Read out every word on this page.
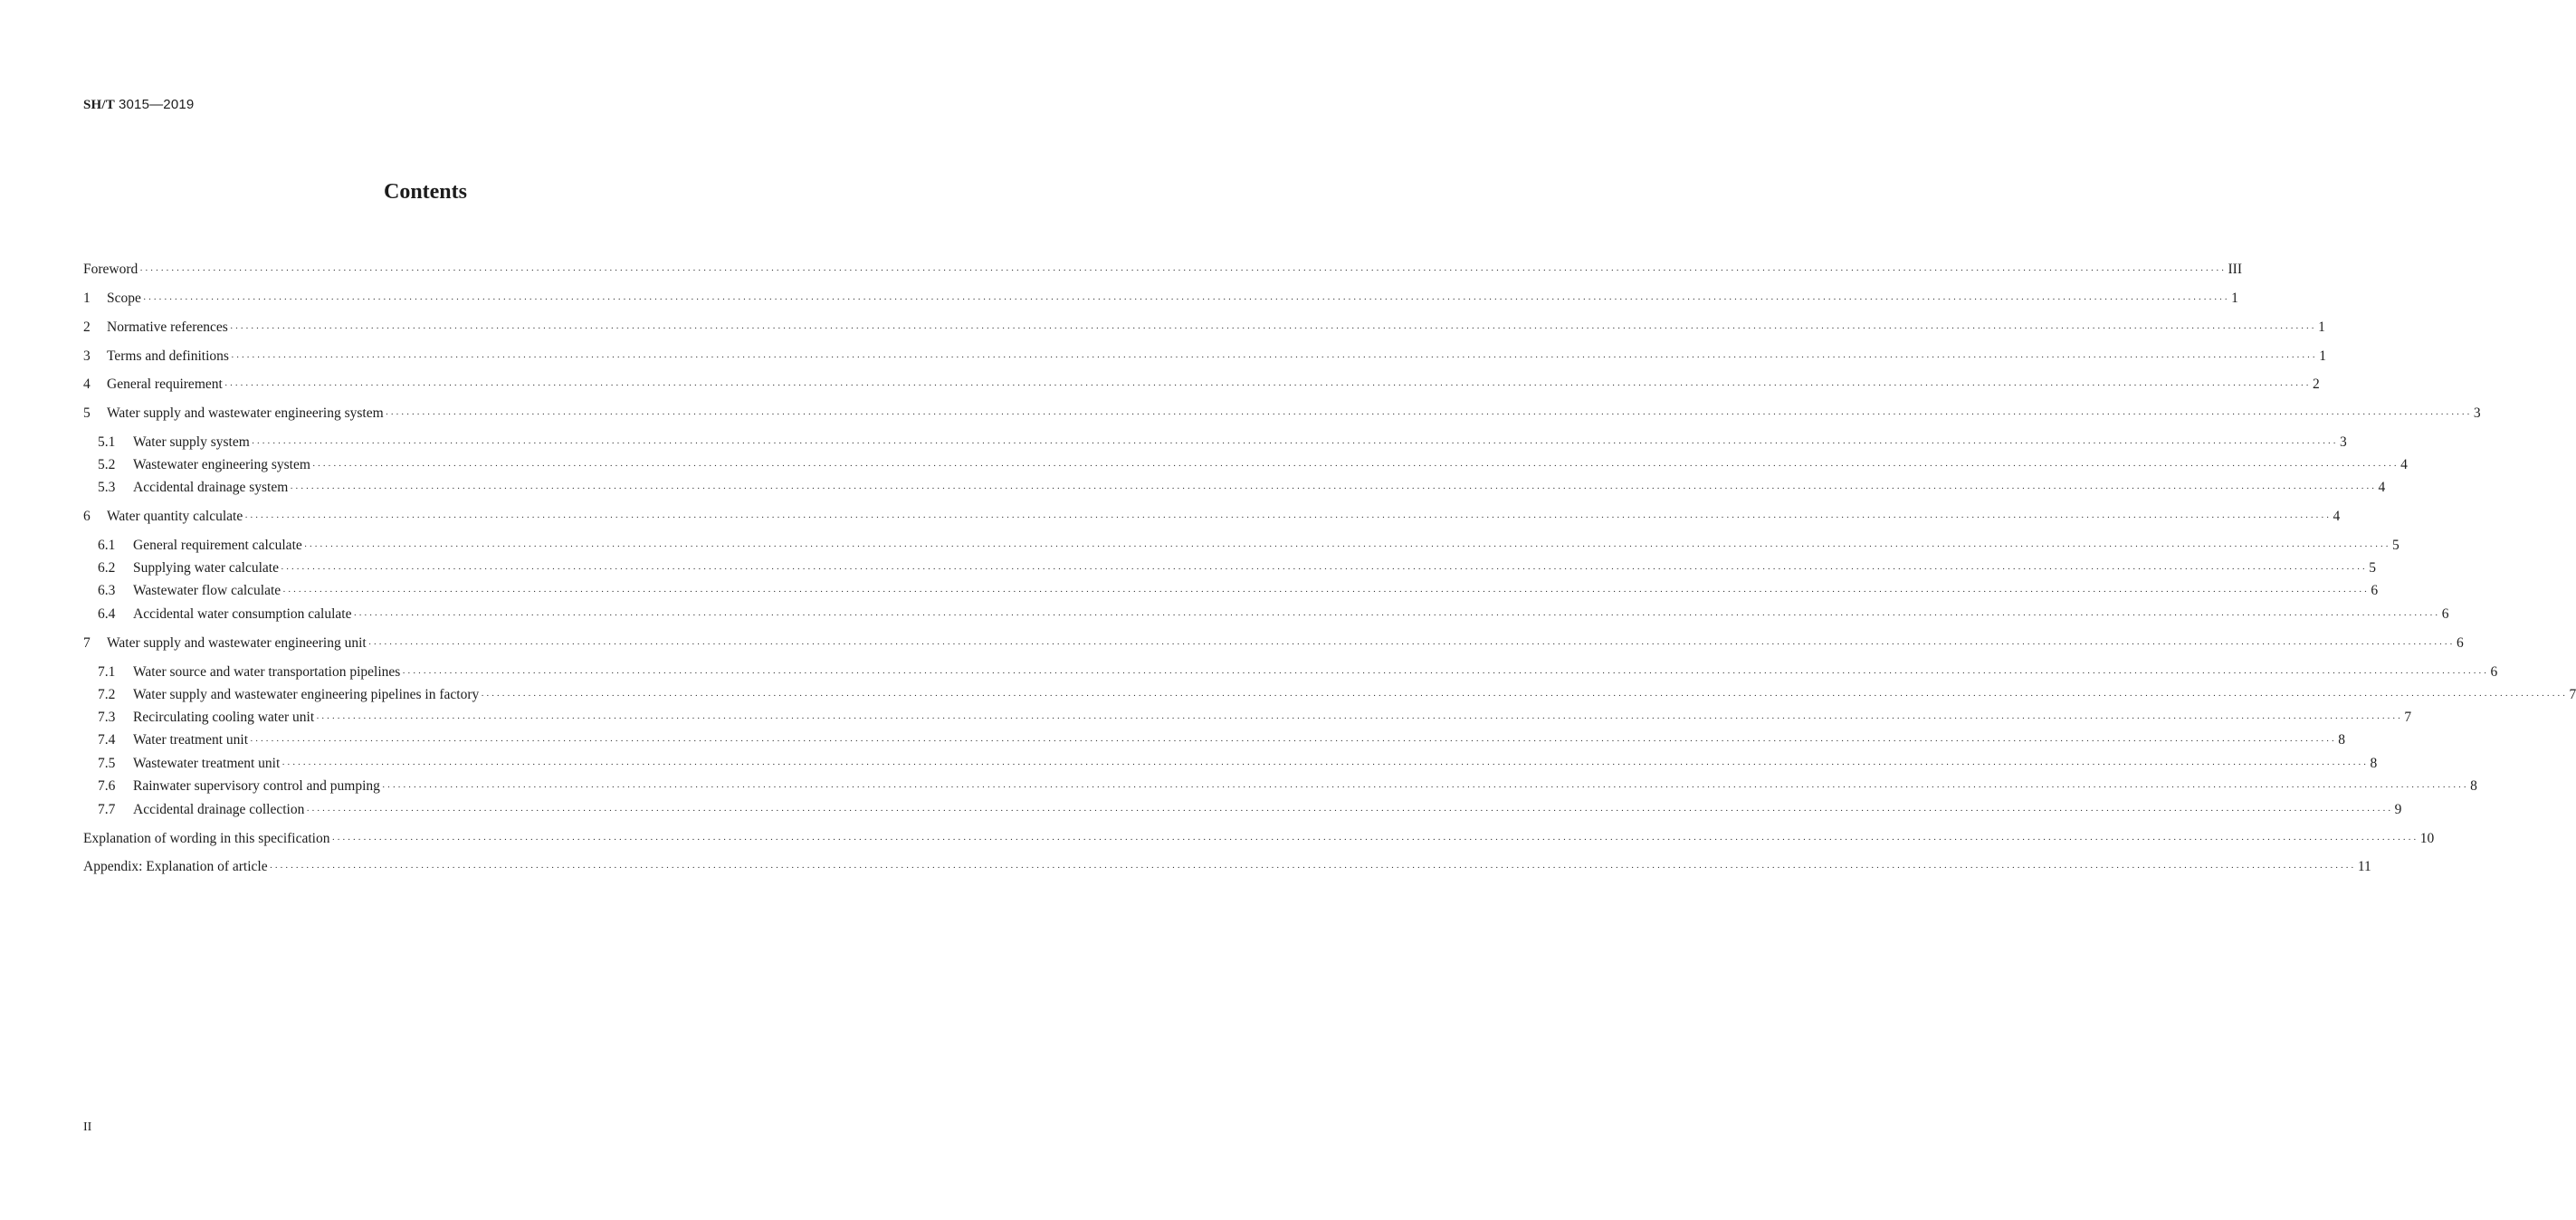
SH/T 3015—2019
Contents
Foreword ················································································································································································································································································································································································································ III
1	Scope ················································································································································································································································································································································································································ 1
2	Normative references ················································································································································································································································································································································································································ 1
3	Terms and definitions ················································································································································································································································································································································································································ 1
4	General requirement ················································································································································································································································································································································································································ 2
5	Water supply and wastewater engineering system ················································································································································································································································································································································································································ 3
5.1	Water supply system ················································································································································································································································································································································································································ 3
5.2	Wastewater engineering system ················································································································································································································································································································································································································ 4
5.3	Accidental drainage system ················································································································································································································································································································································································································ 4
6	Water quantity calculate ················································································································································································································································································································································································································ 4
6.1	General requirement calculate ················································································································································································································································································································································································································ 5
6.2	Supplying water calculate ················································································································································································································································································································································································································ 5
6.3	Wastewater flow calculate ················································································································································································································································································································································································································ 6
6.4	Accidental water consumption calulate ················································································································································································································································································································································································································ 6
7	Water supply and wastewater engineering unit ················································································································································································································································································································································································································ 6
7.1	Water source and water transportation pipelines ················································································································································································································································································································································································································ 6
7.2	Water supply and wastewater engineering pipelines in factory ················································································································································································································································································································································································································ 7
7.3	Recirculating cooling water unit ················································································································································································································································································································································································································ 7
7.4	Water treatment unit ················································································································································································································································································································································································································ 8
7.5	Wastewater treatment unit ················································································································································································································································································································································································································ 8
7.6	Rainwater supervisory control and pumping ················································································································································································································································································································································································································ 8
7.7	Accidental drainage collection ················································································································································································································································································································································································································ 9
Explanation of wording in this specification ················································································································································································································································································································································································································ 10
Appendix: Explanation of article ················································································································································································································································································································································································································ 11
II
